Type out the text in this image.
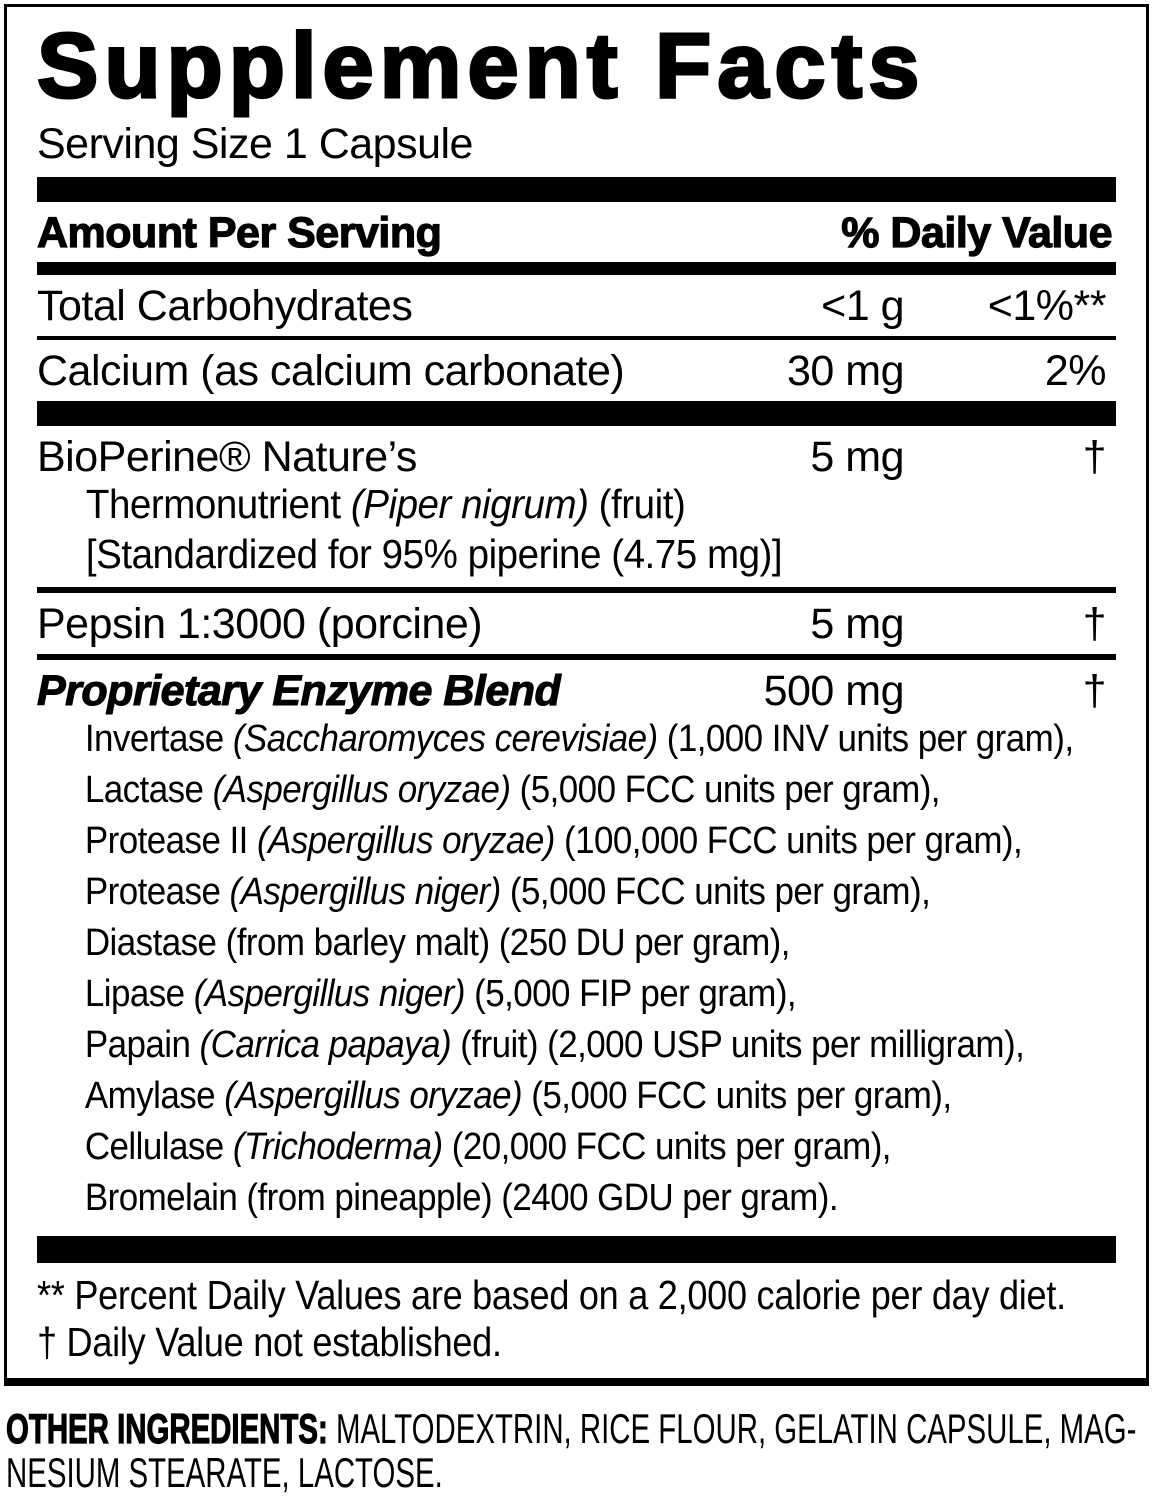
Supplement Facts
Serving Size 1 Capsule
Amount Per Serving	% Daily Value
Total Carbohydrates	<1 g	<1%**
Calcium (as calcium carbonate)	30 mg	2%
BioPerine® Nature’s	5 mg	†
Thermonutrient (Piper nigrum) (fruit)
[Standardized for 95% piperine (4.75 mg)]
Pepsin 1:3000 (porcine)	5 mg	†
Proprietary Enzyme Blend	500 mg	†
Invertase (Saccharomyces cerevisiae) (1,000 INV units per gram),
Lactase (Aspergillus oryzae) (5,000 FCC units per gram),
Protease II (Aspergillus oryzae) (100,000 FCC units per gram),
Protease (Aspergillus niger) (5,000 FCC units per gram),
Diastase (from barley malt) (250 DU per gram),
Lipase (Aspergillus niger) (5,000 FIP per gram),
Papain (Carrica papaya) (fruit) (2,000 USP units per milligram),
Amylase (Aspergillus oryzae) (5,000 FCC units per gram),
Cellulase (Trichoderma) (20,000 FCC units per gram),
Bromelain (from pineapple) (2400 GDU per gram).
** Percent Daily Values are based on a 2,000 calorie per day diet.
† Daily Value not established.
OTHER INGREDIENTS: MALTODEXTRIN, RICE FLOUR, GELATIN CAPSULE, MAG-
NESIUM STEARATE, LACTOSE.
